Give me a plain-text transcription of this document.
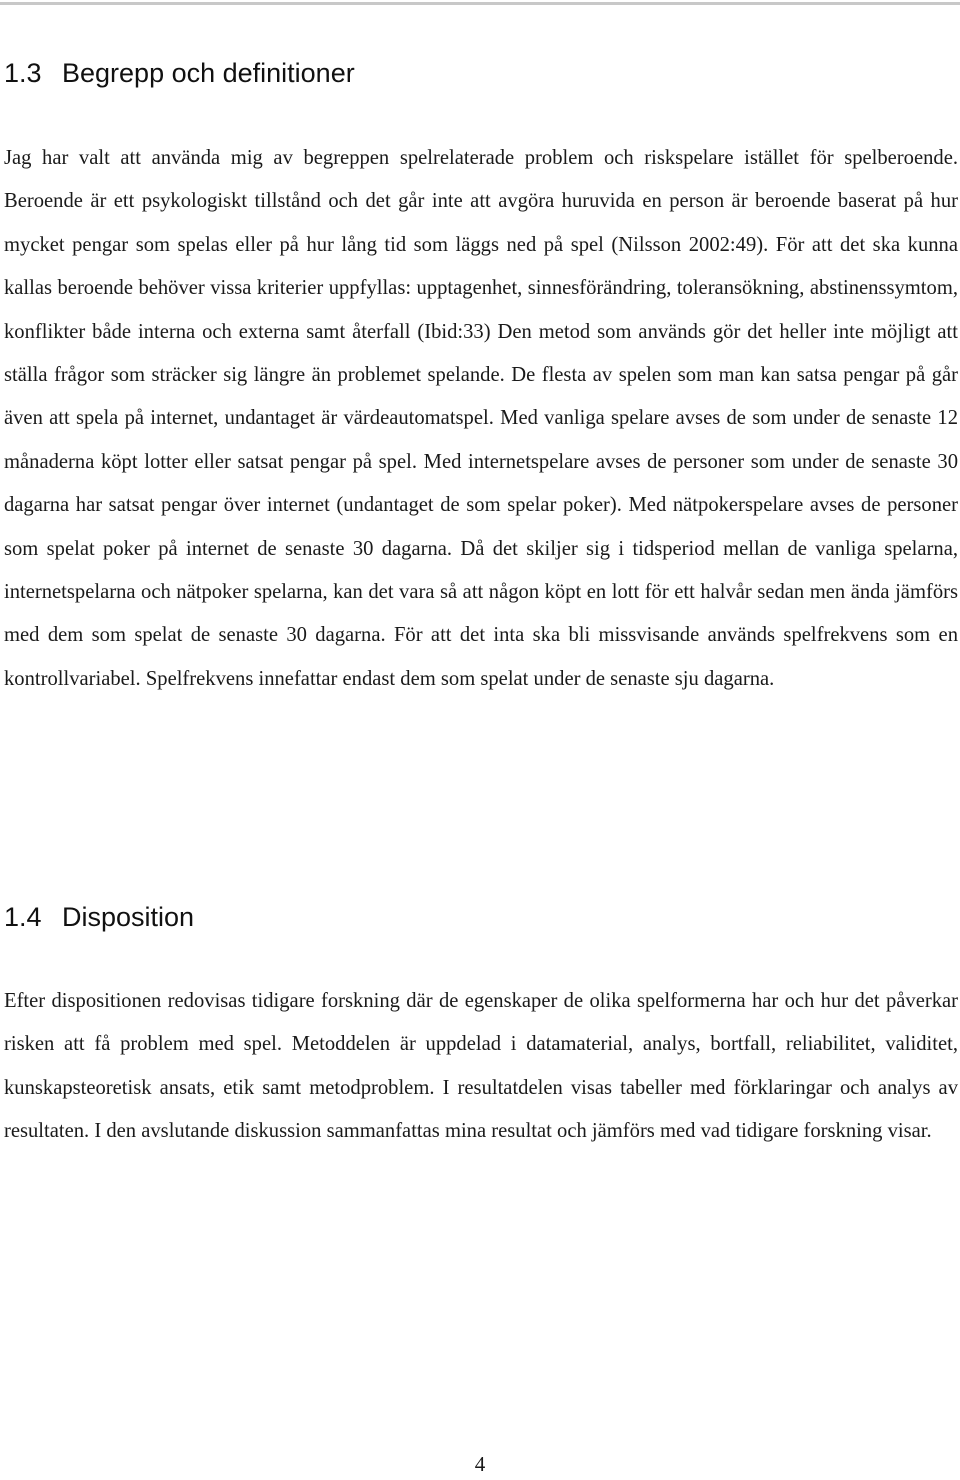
1.3 Begrepp och definitioner

Jag har valt att använda mig av begreppen spelrelaterade problem och riskspelare istället för spelberoende. Beroende är ett psykologiskt tillstånd och det går inte att avgöra huruvida en person är beroende baserat på hur mycket pengar som spelas eller på hur lång tid som läggs ned på spel (Nilsson 2002:49). För att det ska kunna kallas beroende behöver vissa kriterier uppfyllas: upptagenhet, sinnesförändring, toleransökning, abstinenssymtom, konflikter både interna och externa samt återfall (Ibid:33) Den metod som används gör det heller inte möjligt att ställa frågor som sträcker sig längre än problemet spelande. De flesta av spelen som man kan satsa pengar på går även att spela på internet, undantaget är värdeautomatspel. Med vanliga spelare avses de som under de senaste 12 månaderna köpt lotter eller satsat pengar på spel. Med internetspelare avses de personer som under de senaste 30 dagarna har satsat pengar över internet (undantaget de som spelar poker). Med nätpokerspelare avses de personer som spelat poker på internet de senaste 30 dagarna. Då det skiljer sig i tidsperiod mellan de vanliga spelarna, internetspelarna och nätpoker spelarna, kan det vara så att någon köpt en lott för ett halvår sedan men ända jämförs med dem som spelat de senaste 30 dagarna. För att det inta ska bli missvisande används spelfrekvens som en kontrollvariabel. Spelfrekvens innefattar endast dem som spelat under de senaste sju dagarna.

1.4 Disposition

Efter dispositionen redovisas tidigare forskning där de egenskaper de olika spelformerna har och hur det påverkar risken att få problem med spel. Metoddelen är uppdelad i datamaterial, analys, bortfall, reliabilitet, validitet, kunskapsteoretisk ansats, etik samt metodproblem. I resultatdelen visas tabeller med förklaringar och analys av resultaten. I den avslutande diskussion sammanfattas mina resultat och jämförs med vad tidigare forskning visar.

4
